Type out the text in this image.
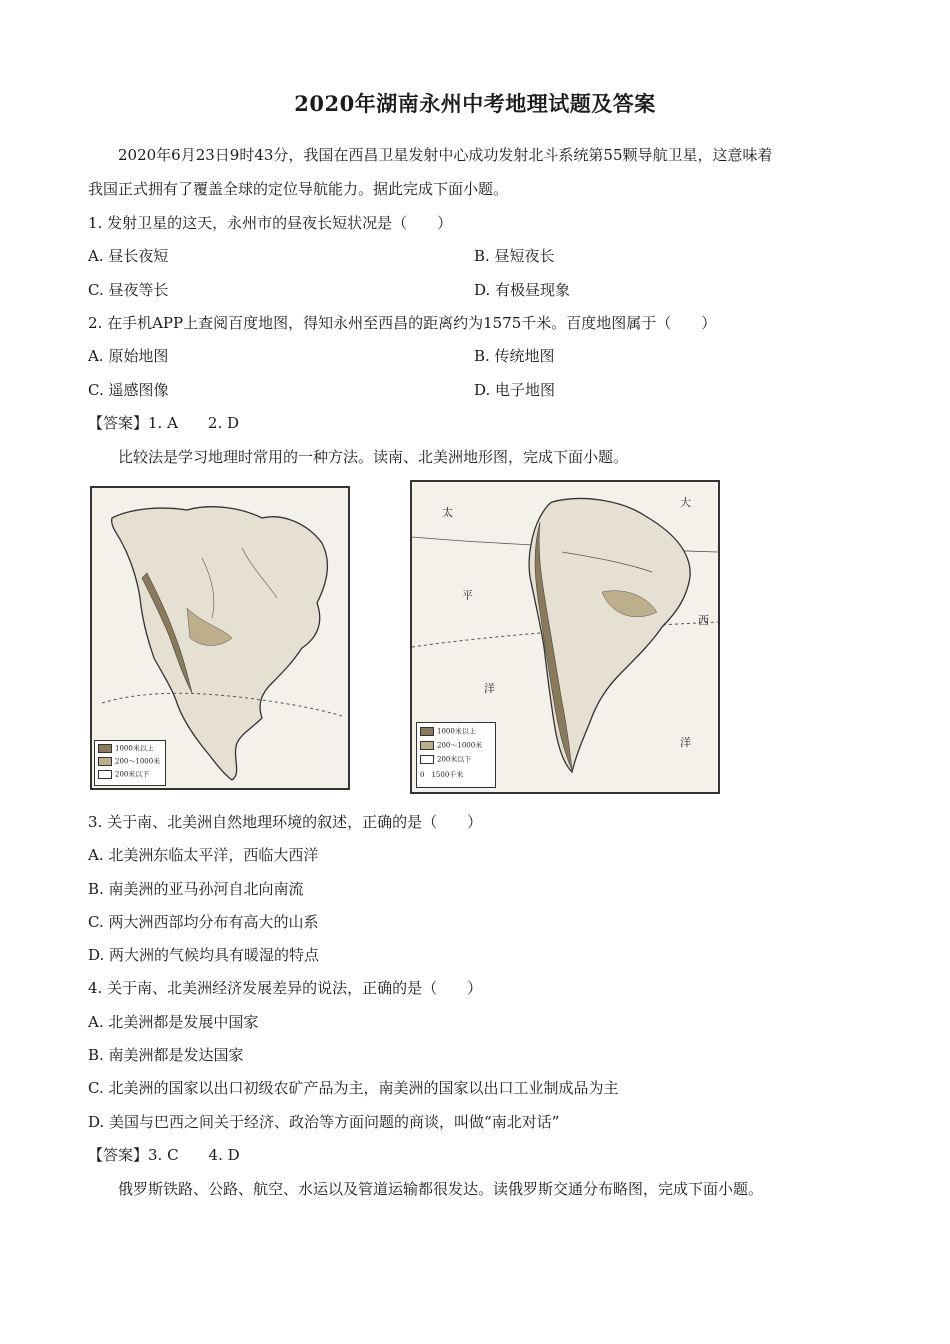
2020年湖南永州中考地理试题及答案
2020年6月23日9时43分，我国在西昌卫星发射中心成功发射北斗系统第55颗导航卫星，这意味着
我国正式拥有了覆盖全球的定位导航能力。据此完成下面小题。
1. 发射卫星的这天，永州市的昼夜长短状况是（　　）
A. 昼长夜短	B. 昼短夜长
C. 昼夜等长	D. 有极昼现象
2. 在手机APP上查阅百度地图，得知永州至西昌的距离约为1575千米。百度地图属于（　　）
A. 原始地图	B. 传统地图
C. 遥感图像	D. 电子地图
【答案】1. A　　2. D
比较法是学习地理时常用的一种方法。读南、北美洲地形图，完成下面小题。
1000米以上
200～1000米
200米以下
太
大
平
西
洋
洋
1000米以上
200～1000米
200米以下
0　1500千米
3. 关于南、北美洲自然地理环境的叙述，正确的是（　　）
A. 北美洲东临太平洋，西临大西洋
B. 南美洲的亚马孙河自北向南流
C. 两大洲西部均分布有高大的山系
D. 两大洲的气候均具有暖湿的特点
4. 关于南、北美洲经济发展差异的说法，正确的是（　　）
A. 北美洲都是发展中国家
B. 南美洲都是发达国家
C. 北美洲的国家以出口初级农矿产品为主，南美洲的国家以出口工业制成品为主
D. 美国与巴西之间关于经济、政治等方面问题的商谈，叫做“南北对话”
【答案】3. C　　4. D
俄罗斯铁路、公路、航空、水运以及管道运输都很发达。读俄罗斯交通分布略图，完成下面小题。
